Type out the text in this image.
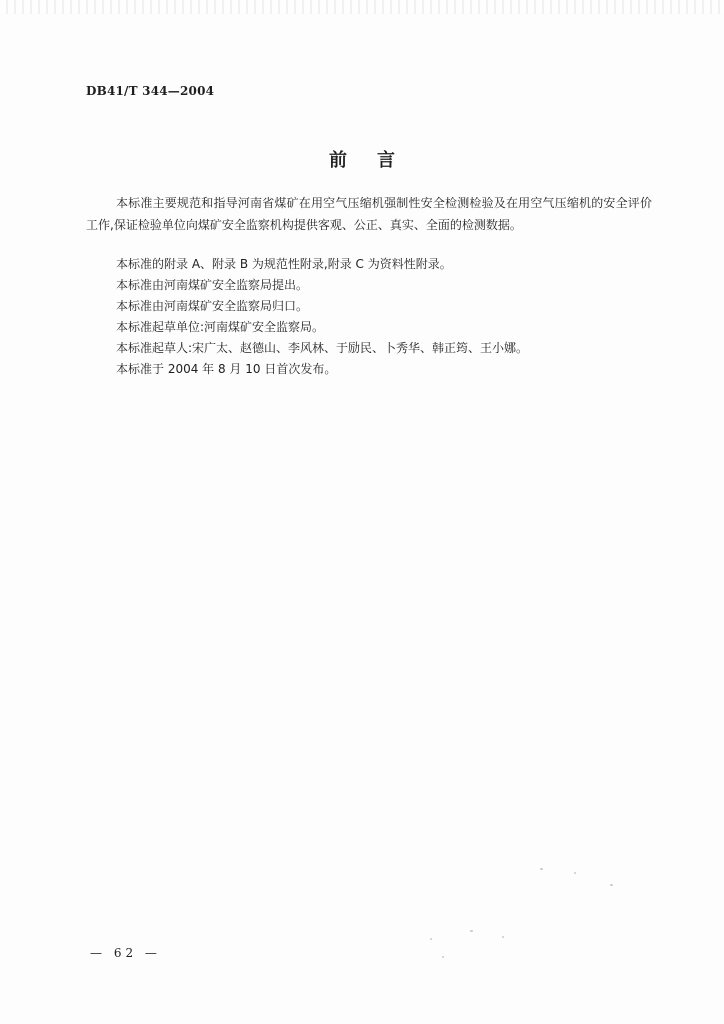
DB41/T 344—2004
前言
本标准主要规范和指导河南省煤矿在用空气压缩机强制性安全检测检验及在用空气压缩机的安全评价工作,保证检验单位向煤矿安全监察机构提供客观、公正、真实、全面的检测数据。

本标准的附录 A、附录 B 为规范性附录,附录 C 为资料性附录。

本标准由河南煤矿安全监察局提出。

本标准由河南煤矿安全监察局归口。

本标准起草单位:河南煤矿安全监察局。

本标准起草人:宋广太、赵德山、李风林、于励民、卜秀华、韩正筠、王小娜。

本标准于 2004 年 8 月 10 日首次发布。

— 62 —
